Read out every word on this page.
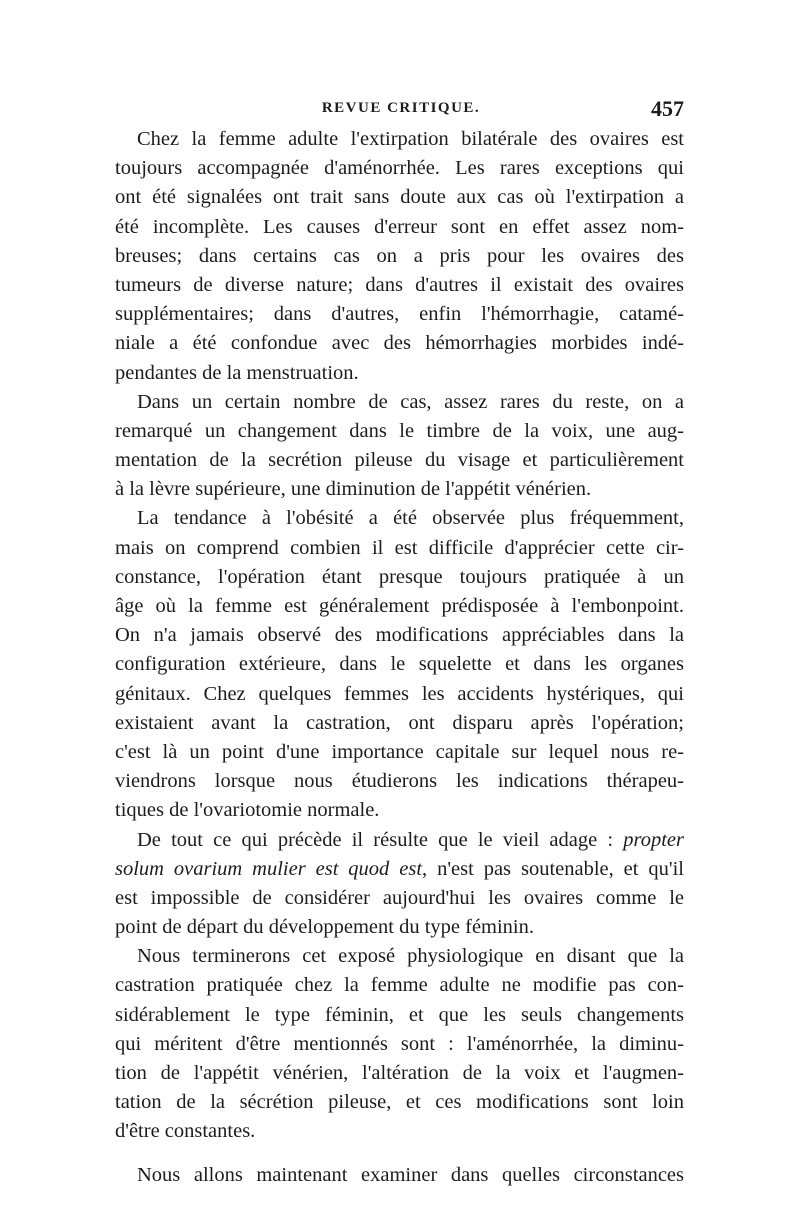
REVUE CRITIQUE.	457
Chez la femme adulte l'extirpation bilatérale des ovaires est
toujours accompagnée d'aménorrhée. Les rares exceptions qui
ont été signalées ont trait sans doute aux cas où l'extirpation a
été incomplète. Les causes d'erreur sont en effet assez nom-
breuses; dans certains cas on a pris pour les ovaires des
tumeurs de diverse nature; dans d'autres il existait des ovaires
supplémentaires; dans d'autres, enfin l'hémorrhagie, catamé-
niale a été confondue avec des hémorrhagies morbides indé-
pendantes de la menstruation.
Dans un certain nombre de cas, assez rares du reste, on a
remarqué un changement dans le timbre de la voix, une aug-
mentation de la secrétion pileuse du visage et particulièrement
à la lèvre supérieure, une diminution de l'appétit vénérien.
La tendance à l'obésité a été observée plus fréquemment,
mais on comprend combien il est difficile d'apprécier cette cir-
constance, l'opération étant presque toujours pratiquée à un
âge où la femme est généralement prédisposée à l'embonpoint.
On n'a jamais observé des modifications appréciables dans la
configuration extérieure, dans le squelette et dans les organes
génitaux. Chez quelques femmes les accidents hystériques, qui
existaient avant la castration, ont disparu après l'opération;
c'est là un point d'une importance capitale sur lequel nous re-
viendrons lorsque nous étudierons les indications thérapeu-
tiques de l'ovariotomie normale.
De tout ce qui précède il résulte que le vieil adage : propter
solum ovarium mulier est quod est, n'est pas soutenable, et qu'il
est impossible de considérer aujourd'hui les ovaires comme le
point de départ du développement du type féminin.
Nous terminerons cet exposé physiologique en disant que la
castration pratiquée chez la femme adulte ne modifie pas con-
sidérablement le type féminin, et que les seuls changements
qui méritent d'être mentionnés sont : l'aménorrhée, la diminu-
tion de l'appétit vénérien, l'altération de la voix et l'augmen-
tation de la sécrétion pileuse, et ces modifications sont loin
d'être constantes.
Nous allons maintenant examiner dans quelles circonstances
